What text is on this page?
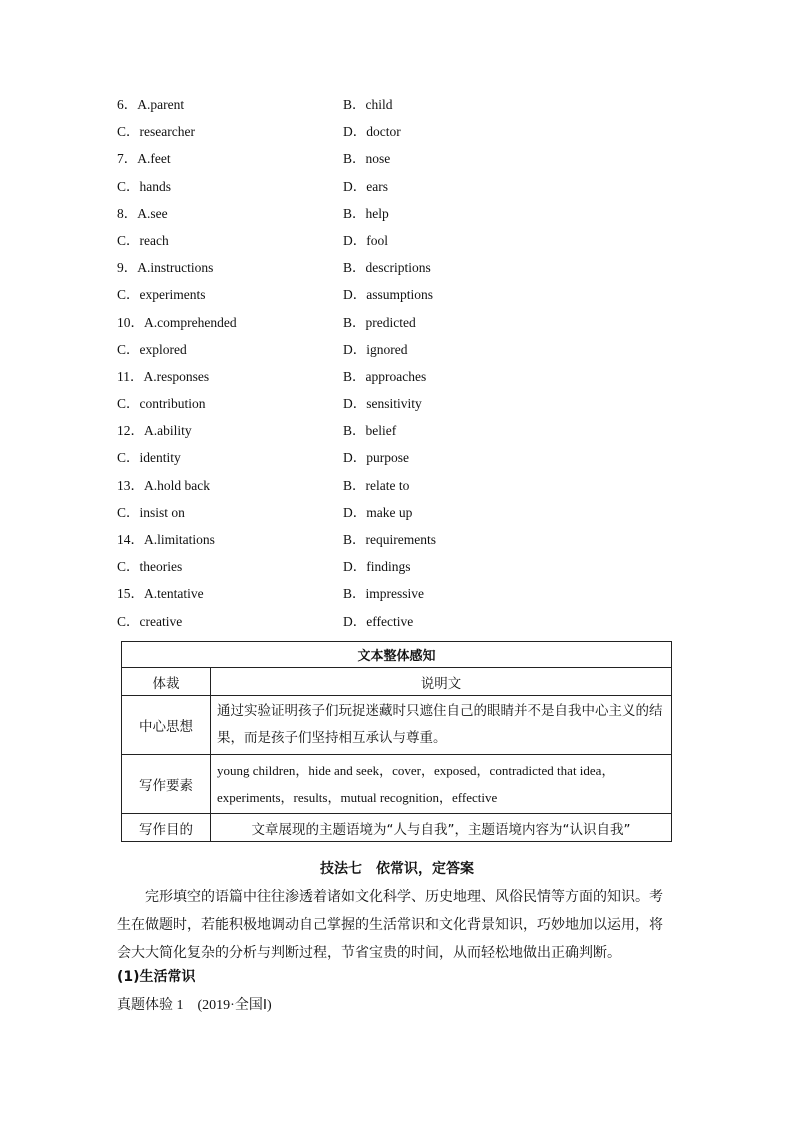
6．A.parent	B．child
C．researcher	D．doctor
7．A.feet	B．nose
C．hands	D．ears
8．A.see	B．help
C．reach	D．fool
9．A.instructions	B．descriptions
C．experiments	D．assumptions
10．A.comprehended	B．predicted
C．explored	D．ignored
11．A.responses	B．approaches
C．contribution	D．sensitivity
12．A.ability	B．belief
C．identity	D．purpose
13．A.hold back	B．relate to
C．insist on	D．make up
14．A.limitations	B．requirements
C．theories	D．findings
15．A.tentative	B．impressive
C．creative	D．effective
文本整体感知	
体裁	说明文
中心思想	通过实验证明孩子们玩捉迷藏时只遮住自己的眼睛并不是自我中心主义的结果，而是孩子们坚持相互承认与尊重。
写作要素	young children，hide and seek，cover，exposed，contradicted that idea，experiments，results，mutual recognition，effective
写作目的	文章展现的主题语境为“人与自我”，主题语境内容为“认识自我”
技法七　依常识，定答案
完形填空的语篇中往往渗透着诸如文化科学、历史地理、风俗民情等方面的知识。考生在做题时，若能积极地调动自己掌握的生活常识和文化背景知识，巧妙地加以运用，将会大大简化复杂的分析与判断过程，节省宝贵的时间，从而轻松地做出正确判断。
(1)生活常识
真题体验 1　(2019·全国Ⅰ)
